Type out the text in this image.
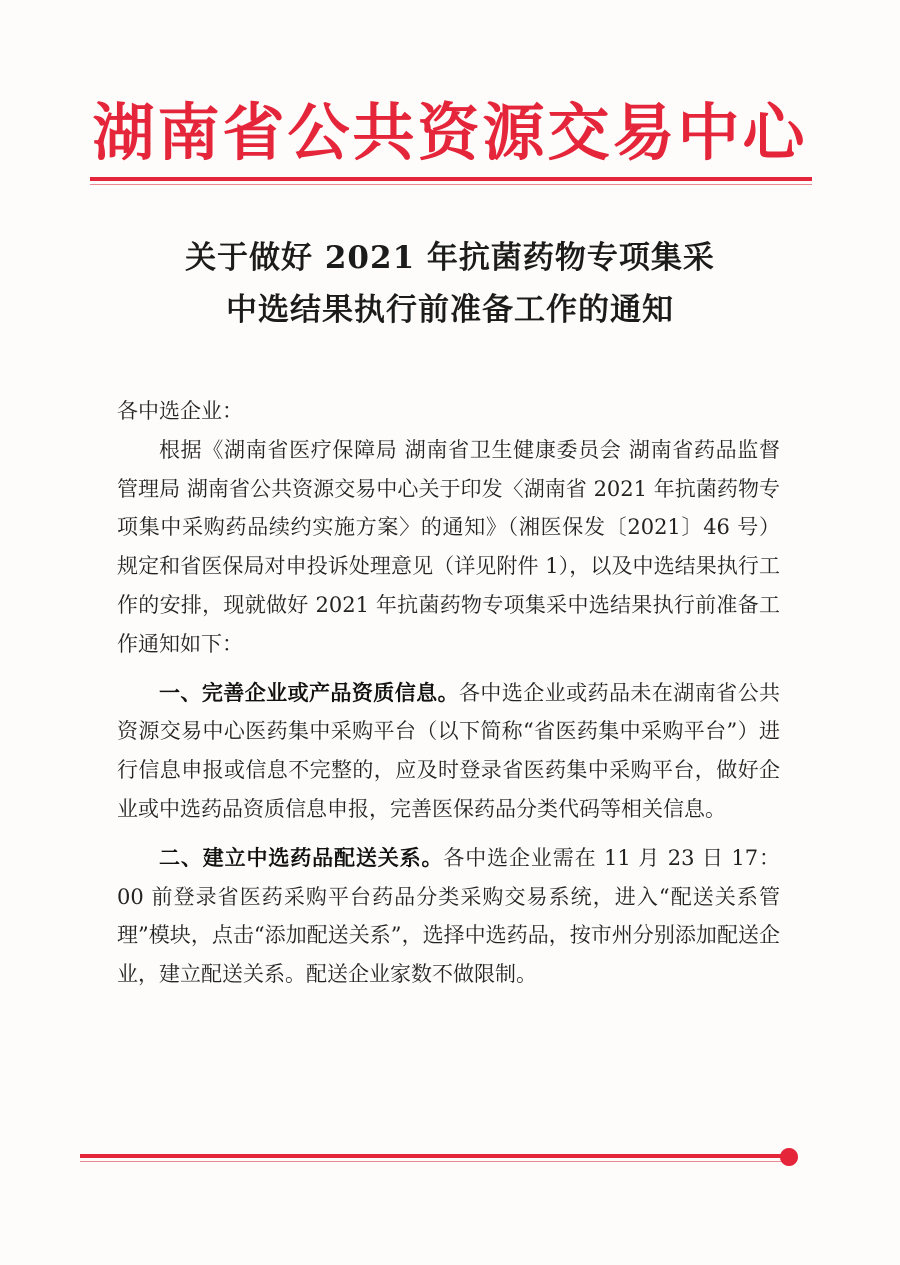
湖南省公共资源交易中心
关于做好 2021 年抗菌药物专项集采
中选结果执行前准备工作的通知

各中选企业：

根据《湖南省医疗保障局 湖南省卫生健康委员会 湖南省药品监督管理局 湖南省公共资源交易中心关于印发〈湖南省 2021 年抗菌药物专项集中采购药品续约实施方案〉的通知》（湘医保发〔2021〕46 号）规定和省医保局对申投诉处理意见（详见附件 1），以及中选结果执行工作的安排，现就做好 2021 年抗菌药物专项集采中选结果执行前准备工作通知如下：

一、完善企业或产品资质信息。各中选企业或药品未在湖南省公共资源交易中心医药集中采购平台（以下简称“省医药集中采购平台”）进行信息申报或信息不完整的，应及时登录省医药集中采购平台，做好企业或中选药品资质信息申报，完善医保药品分类代码等相关信息。

二、建立中选药品配送关系。各中选企业需在 11 月 23 日 17：00 前登录省医药采购平台药品分类采购交易系统，进入“配送关系管理”模块，点击“添加配送关系”，选择中选药品，按市州分别添加配送企业，建立配送关系。配送企业家数不做限制。
